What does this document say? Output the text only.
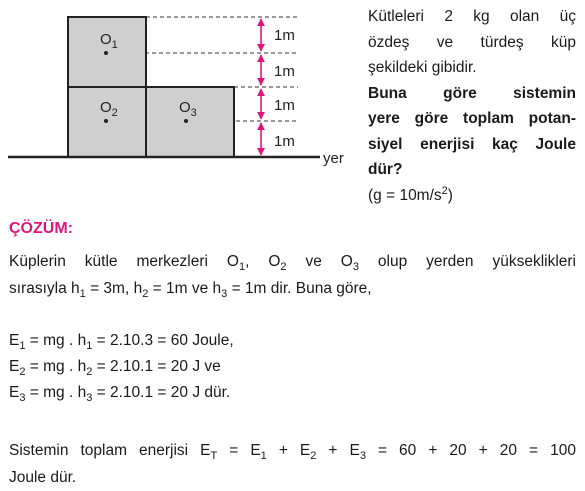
$O_1$
$O_2$	$O_3$
yer
1m
1m
1m
1m

Kütleleri 2 kg olan üç

özdeş ve türdeş küp

şekildeki gibidir.

Buna göre sistemin

yere göre toplam potan-

siyel enerjisi kaç Joule

dür?

$(g = 10m/s^2)$

ÇÖZÜM:

Küplerin kütle merkezleri $O_1$, $O_2$ ve $O_3$ olup yerden yükseklikleri

sırasıyla $h_1 = 3m$, $h_2 = 1m$ ve $h_3 = 1m$ dir. Buna göre,

$E_1$ = mg . $h_1 = 2.10.3 = 60$ Joule,

$E_2$ = mg . $h_2 = 2.10.1 = 20$ J ve

$E_3$ = mg . $h_3 = 2.10.1 = 20$ J dür.

Sistemin toplam enerjisi $E_T = E_1 + E_2 + E_3 = 60 + 20 + 20 = 100$

Joule dür.
